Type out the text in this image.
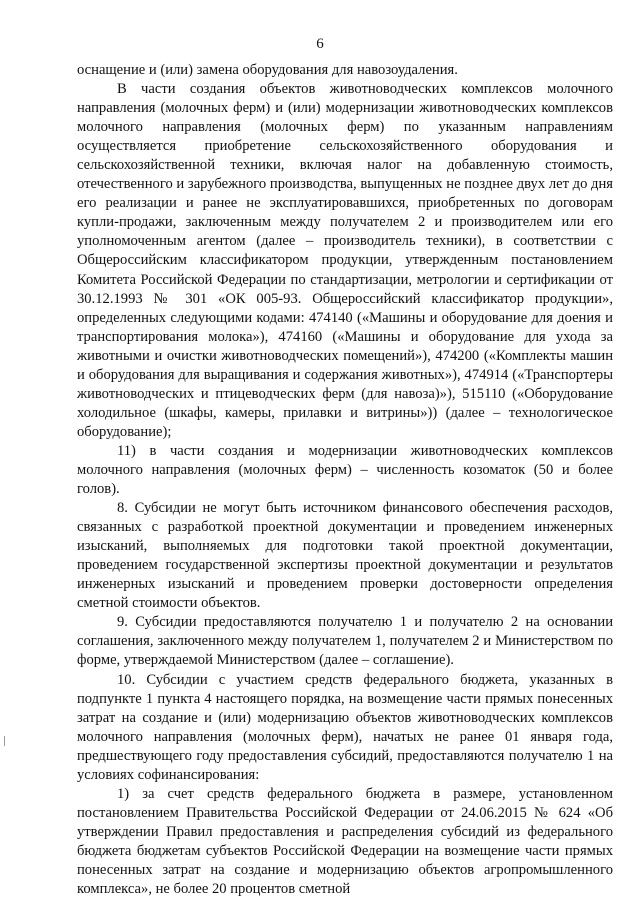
6

оснащение и (или) замена оборудования для навозоудаления.

В части создания объектов животноводческих комплексов молочного направления (молочных ферм) и (или) модернизации животноводческих комплексов молочного направления (молочных ферм) по указанным направлениям осуществляется приобретение сельскохозяйственного оборудования и сельскохозяйственной техники, включая налог на добавленную стоимость, отечественного и зарубежного производства, выпущенных не позднее двух лет до дня его реализации и ранее не эксплуатировавшихся, приобретенных по договорам купли-продажи, заключенным между получателем 2 и производителем или его уполномоченным агентом (далее – производитель техники), в соответствии с Общероссийским классификатором продукции, утвержденным постановлением Комитета Российской Федерации по стандартизации, метрологии и сертификации от 30.12.1993 № 301 «ОК 005-93. Общероссийский классификатор продукции», определенных следующими кодами: 474140 («Машины и оборудование для доения и транспортирования молока»), 474160 («Машины и оборудование для ухода за животными и очистки животноводческих помещений»), 474200 («Комплекты машин и оборудования для выращивания и содержания животных»), 474914 («Транспортеры животноводческих и птицеводческих ферм (для навоза)»), 515110 («Оборудование холодильное (шкафы, камеры, прилавки и витрины»)) (далее – технологическое оборудование);

11) в части создания и модернизации животноводческих комплексов молочного направления (молочных ферм) – численность козоматок (50 и более голов).

8. Субсидии не могут быть источником финансового обеспечения расходов, связанных с разработкой проектной документации и проведением инженерных изысканий, выполняемых для подготовки такой проектной документации, проведением государственной экспертизы проектной документации и результатов инженерных изысканий и проведением проверки достоверности определения сметной стоимости объектов.

9. Субсидии предоставляются получателю 1 и получателю 2 на основании соглашения, заключенного между получателем 1, получателем 2 и Министерством по форме, утверждаемой Министерством (далее – соглашение).

10. Субсидии с участием средств федерального бюджета, указанных в подпункте 1 пункта 4 настоящего порядка, на возмещение части прямых понесенных затрат на создание и (или) модернизацию объектов животноводческих комплексов молочного направления (молочных ферм), начатых не ранее 01 января года, предшествующего году предоставления субсидий, предоставляются получателю 1 на условиях софинансирования:

1) за счет средств федерального бюджета в размере, установленном постановлением Правительства Российской Федерации от 24.06.2015 № 624 «Об утверждении Правил предоставления и распределения субсидий из федерального бюджета бюджетам субъектов Российской Федерации на возмещение части прямых понесенных затрат на создание и модернизацию объектов агропромышленного комплекса», не более 20 процентов сметной
